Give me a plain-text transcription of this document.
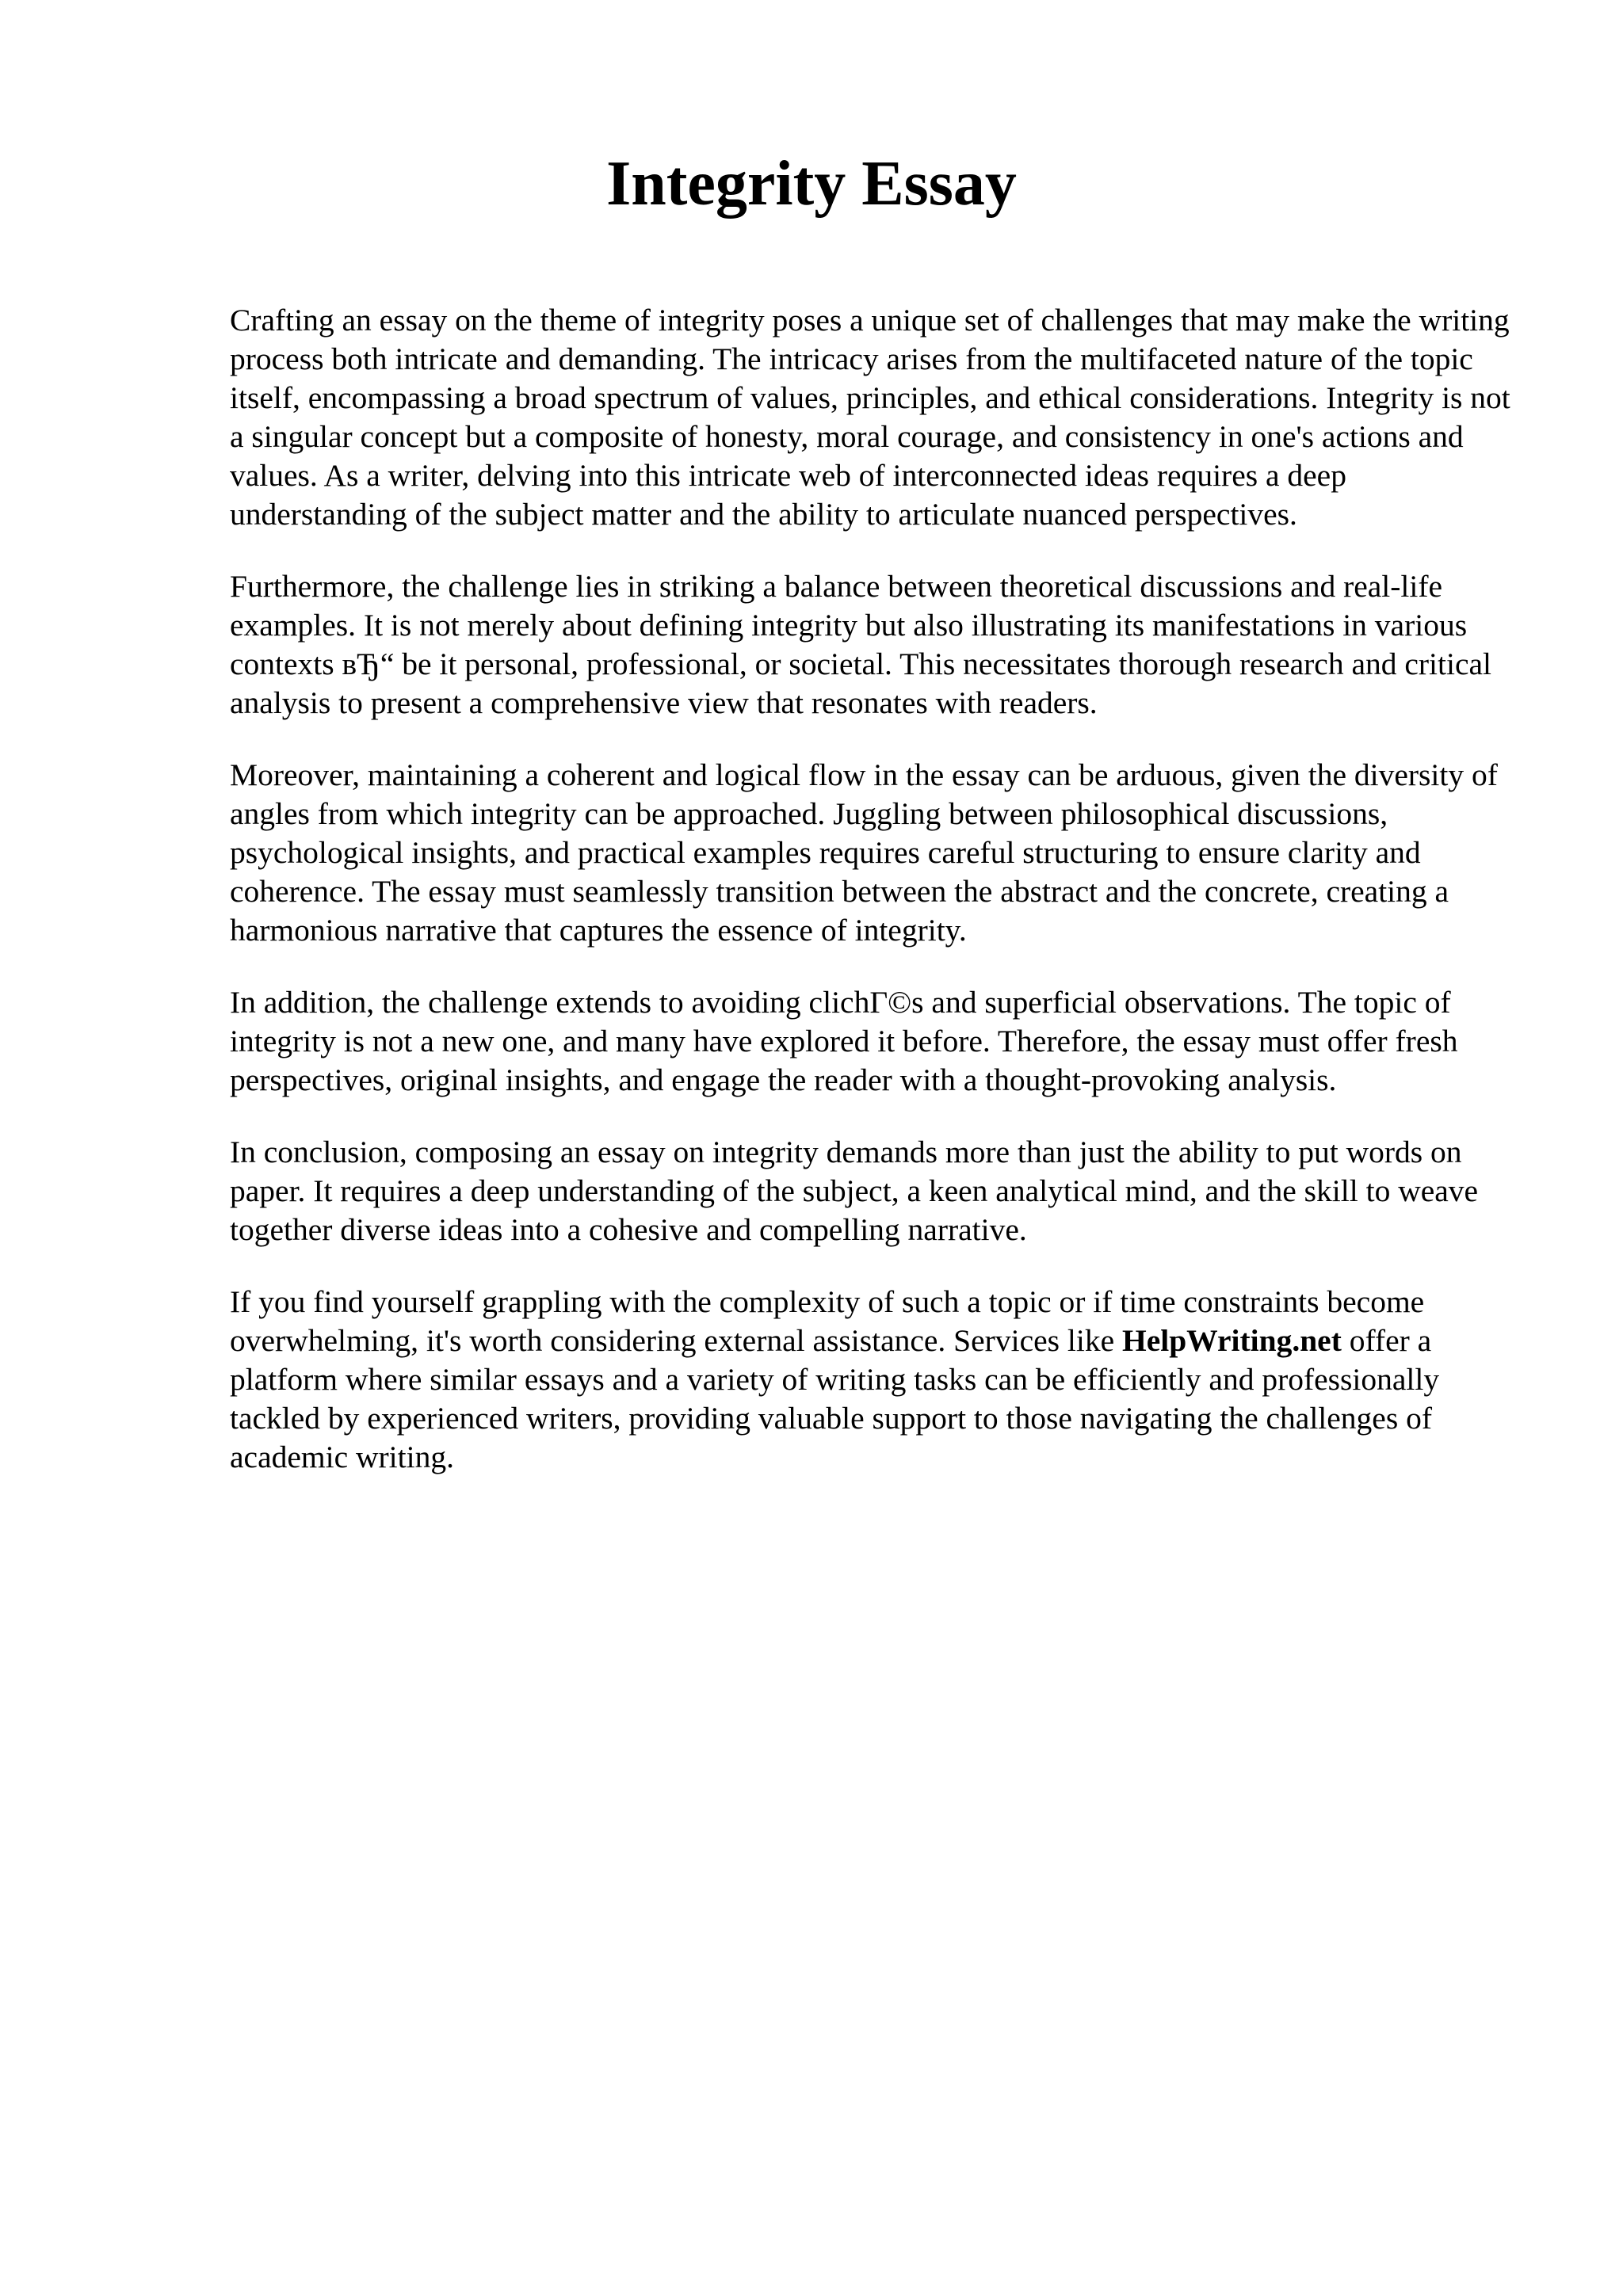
Integrity Essay

Crafting an essay on the theme of integrity poses a unique set of challenges that may make the writing process both intricate and demanding. The intricacy arises from the multifaceted nature of the topic itself, encompassing a broad spectrum of values, principles, and ethical considerations. Integrity is not a singular concept but a composite of honesty, moral courage, and consistency in one's actions and values. As a writer, delving into this intricate web of interconnected ideas requires a deep understanding of the subject matter and the ability to articulate nuanced perspectives.

Furthermore, the challenge lies in striking a balance between theoretical discussions and real-life examples. It is not merely about defining integrity but also illustrating its manifestations in various contexts вЂ“ be it personal, professional, or societal. This necessitates thorough research and critical analysis to present a comprehensive view that resonates with readers.

Moreover, maintaining a coherent and logical flow in the essay can be arduous, given the diversity of angles from which integrity can be approached. Juggling between philosophical discussions, psychological insights, and practical examples requires careful structuring to ensure clarity and coherence. The essay must seamlessly transition between the abstract and the concrete, creating a harmonious narrative that captures the essence of integrity.

In addition, the challenge extends to avoiding clichГ©s and superficial observations. The topic of integrity is not a new one, and many have explored it before. Therefore, the essay must offer fresh perspectives, original insights, and engage the reader with a thought-provoking analysis.

In conclusion, composing an essay on integrity demands more than just the ability to put words on paper. It requires a deep understanding of the subject, a keen analytical mind, and the skill to weave together diverse ideas into a cohesive and compelling narrative.

If you find yourself grappling with the complexity of such a topic or if time constraints become overwhelming, it's worth considering external assistance. Services like HelpWriting.net offer a platform where similar essays and a variety of writing tasks can be efficiently and professionally tackled by experienced writers, providing valuable support to those navigating the challenges of academic writing.
